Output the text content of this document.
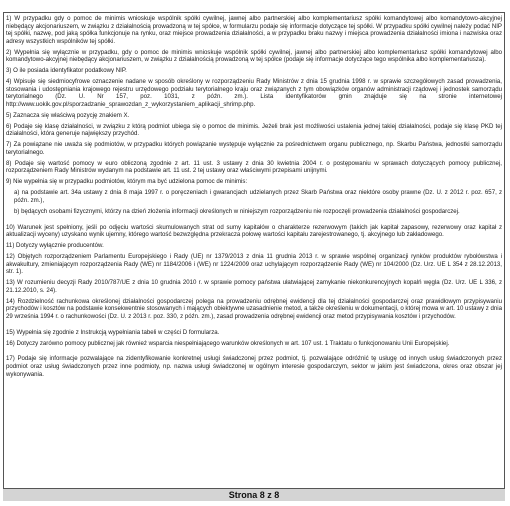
1) W przypadku gdy o pomoc de minimis wnioskuje wspólnik spółki cywilnej, jawnej albo partnerskiej albo komplementariusz spółki komandytowej albo komandytowo-akcyjnej niebędący akcjonariuszem, w związku z działalnością prowadzoną w tej spółce, w formularzu podaje się informacje dotyczące tej spółki. W przypadku spółki cywilnej należy podać NIP tej spółki, nazwę, pod jaką spółka funkcjonuje na rynku, oraz miejsce prowadzenia działalności, a w przypadku braku nazwy i miejsca prowadzenia działalności imiona i nazwiska oraz adresy wszystkich wspólników tej spółki.

2) Wypełnia się wyłącznie w przypadku, gdy o pomoc de minimis wnioskuje wspólnik spółki cywilnej, jawnej albo partnerskiej albo komplementariusz spółki komandytowej albo komandytowo-akcyjnej niebędący akcjonariuszem, w związku z działalnością prowadzoną w tej spółce (podaje się informacje dotyczące tego wspólnika albo komplementariusza).

3) O ile posiada identyfikator podatkowy NIP.

4) Wpisuje się siedmiocyfrowe oznaczenie nadane w sposób określony w rozporządzeniu Rady Ministrów z dnia 15 grudnia 1998 r. w sprawie szczegółowych zasad prowadzenia, stosowania i udostępniania krajowego rejestru urzędowego podziału terytorialnego kraju oraz związanych z tym obowiązków organów administracji rządowej i jednostek samorządu terytorialnego (Dz. U. Nr 157, poz. 1031, z późn. zm.). Lista identyfikatorów gmin znajduje się na stronie internetowej http://www.uokik.gov.pl/sporzadzanie_sprawozdan_z_wykorzystaniem_aplikacji_shrimp.php.

5) Zaznacza się właściwą pozycję znakiem X.

6) Podaje się klasę działalności, w związku z którą podmiot ubiega się o pomoc de minimis. Jeżeli brak jest możliwości ustalenia jednej takiej działalności, podaje się klasę PKD tej działalności, która generuje największy przychód.

7) Za powiązane nie uważa się podmiotów, w przypadku których powiązanie występuje wyłącznie za pośrednictwem organu publicznego, np. Skarbu Państwa, jednostki samorządu terytorialnego.

8) Podaje się wartość pomocy w euro obliczoną zgodnie z art. 11 ust. 3 ustawy z dnia 30 kwietnia 2004 r. o postępowaniu w sprawach dotyczących pomocy publicznej, rozporządzeniem Rady Ministrów wydanym na podstawie art. 11 ust. 2 tej ustawy oraz właściwymi przepisami unijnymi.

9) Nie wypełnia się w przypadku podmiotów, którym ma być udzielona pomoc de minimis:

a) na podstawie art. 34a ustawy z dnia 8 maja 1997 r. o poręczeniach i gwarancjach udzielanych przez Skarb Państwa oraz niektóre osoby prawne (Dz. U. z 2012 r. poz. 657, z późn. zm.),

b) będących osobami fizycznymi, którzy na dzień złożenia informacji określonych w niniejszym rozporządzeniu nie rozpoczęli prowadzenia działalności gospodarczej.

10) Warunek jest spełniony, jeśli po odjęciu wartości skumulowanych strat od sumy kapitałów o charakterze rezerwowym (takich jak kapitał zapasowy, rezerwowy oraz kapitał z aktualizacji wyceny) uzyskano wynik ujemny, którego wartość bezwzględna przekracza połowę wartości kapitału zarejestrowanego, tj. akcyjnego lub zakładowego.

11) Dotyczy wyłącznie producentów.

12) Objętych rozporządzeniem Parlamentu Europejskiego i Rady (UE) nr 1379/2013 z dnia 11 grudnia 2013 r. w sprawie wspólnej organizacji rynków produktów rybołówstwa i akwakultury, zmieniającym rozporządzenia Rady (WE) nr 1184/2006 i (WE) nr 1224/2009 oraz uchylającym rozporządzenie Rady (WE) nr 104/2000 (Dz. Urz. UE L 354 z 28.12.2013, str. 1).

13) W rozumieniu decyzji Rady 2010/787/UE z dnia 10 grudnia 2010 r. w sprawie pomocy państwa ułatwiającej zamykanie niekonkurencyjnych kopalń węgla (Dz. Urz. UE L 336, z 21.12.2010, s. 24).

14) Rozdzielność rachunkowa określonej działalności gospodarczej polega na prowadzeniu odrębnej ewidencji dla tej działalności gospodarczej oraz prawidłowym przypisywaniu przychodów i kosztów na podstawie konsekwentnie stosowanych i mających obiektywne uzasadnienie metod, a także określeniu w dokumentacji, o której mowa w art. 10 ustawy z dnia 29 września 1994 r. o rachunkowości (Dz. U. z 2013 r. poz. 330, z późn. zm.), zasad prowadzenia odrębnej ewidencji oraz metod przypisywania kosztów i przychodów.

15) Wypełnia się zgodnie z Instrukcją wypełniania tabeli w części D formularza.

16) Dotyczy zarówno pomocy publicznej jak również wsparcia niespełniającego warunków określonych w art. 107 ust. 1 Traktatu o funkcjonowaniu Unii Europejskiej.

17) Podaje się informacje pozwalające na zidentyfikowanie konkretnej usługi świadczonej przez podmiot, tj. pozwalające odróżnić tę usługę od innych usług świadczonych przez podmiot oraz usług świadczonych przez inne podmioty, np. nazwa usługi świadczonej w ogólnym interesie gospodarczym, sektor w jakim jest świadczona, okres oraz obszar jej wykonywania.

Strona 8 z 8
